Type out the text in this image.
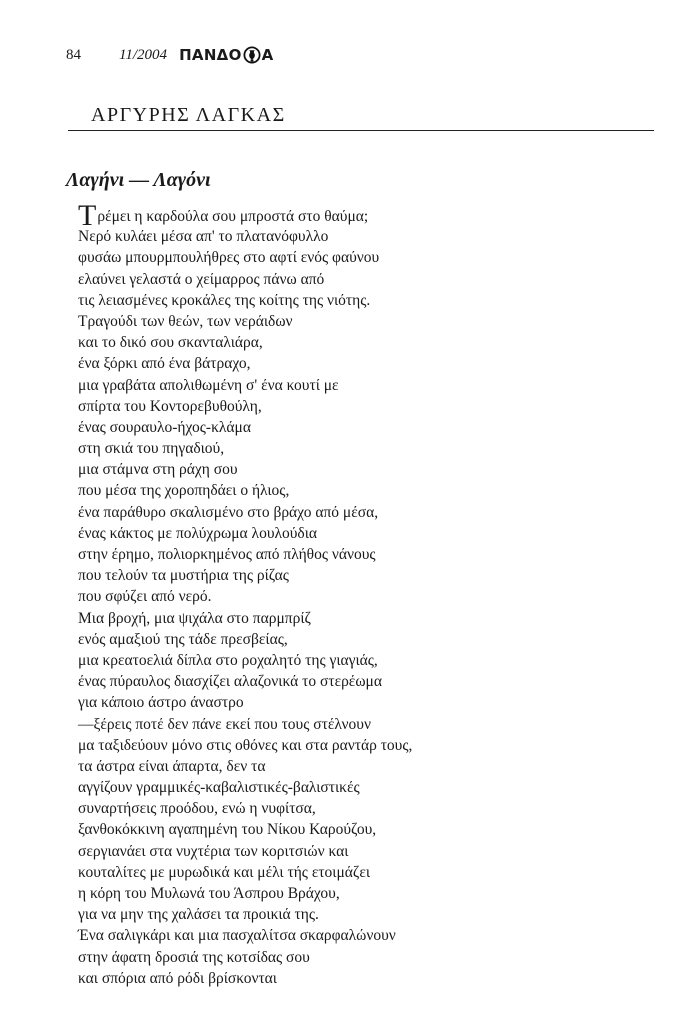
84	11/2004 ΠΑΝΔΟ Α
ΑΡΓΥΡΗΣ ΛΑΓΚΑΣ
Λαγήνι — Λαγόνι
Τρέμει η καρδούλα σου μπροστά στο θαύμα;
Νερό κυλάει μέσα απ' το πλατανόφυλλο
φυσάω μπουρμπουλήθρες στο αφτί ενός φαύνου
ελαύνει γελαστά ο χείμαρρος πάνω από
τις λειασμένες κροκάλες της κοίτης της νιότης.
Τραγούδι των θεών, των νεράιδων
και το δικό σου σκανταλιάρα,
ένα ξόρκι από ένα βάτραχο,
μια γραβάτα απολιθωμένη σ' ένα κουτί με
σπίρτα του Κοντορεβυθούλη,
ένας σουραυλο-ήχος-κλάμα
στη σκιά του πηγαδιού,
μια στάμνα στη ράχη σου
που μέσα της χοροπηδάει ο ήλιος,
ένα παράθυρο σκαλισμένο στο βράχο από μέσα,
ένας κάκτος με πολύχρωμα λουλούδια
στην έρημο, πολιορκημένος από πλήθος νάνους
που τελούν τα μυστήρια της ρίζας
που σφύζει από νερό.
Μια βροχή, μια ψιχάλα στο παρμπρίζ
ενός αμαξιού της τάδε πρεσβείας,
μια κρεατοελιά δίπλα στο ροχαλητό της γιαγιάς,
ένας πύραυλος διασχίζει αλαζονικά το στερέωμα
για κάποιο άστρο άναστρο
—ξέρεις ποτέ δεν πάνε εκεί που τους στέλνουν
μα ταξιδεύουν μόνο στις οθόνες και στα ραντάρ τους,
τα άστρα είναι άπαρτα, δεν τα
αγγίζουν γραμμικές-καβαλιστικές-βαλιστικές
συναρτήσεις προόδου, ενώ η νυφίτσα,
ξανθοκόκκινη αγαπημένη του Νίκου Καρούζου,
σεργιανάει στα νυχτέρια των κοριτσιών και
κουταλίτες με μυρωδικά και μέλι τής ετοιμάζει
η κόρη του Μυλωνά του Άσπρου Βράχου,
για να μην της χαλάσει τα προικιά της.
Ένα σαλιγκάρι και μια πασχαλίτσα σκαρφαλώνουν
στην άφατη δροσιά της κοτσίδας σου
και σπόρια από ρόδι βρίσκονται
